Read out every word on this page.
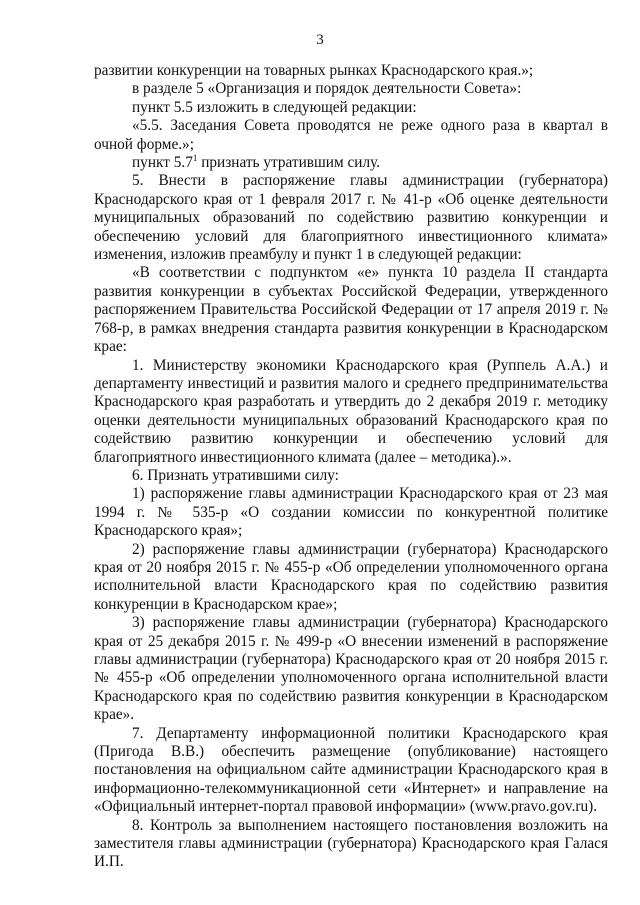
3

развитии конкуренции на товарных рынках Краснодарского края.»;

в разделе 5 «Организация и порядок деятельности Совета»:

пункт 5.5 изложить в следующей редакции:

«5.5. Заседания Совета проводятся не реже одного раза в квартал в очной форме.»;

пункт $5.7^1$ признать утратившим силу.

5. Внести в распоряжение главы администрации (губернатора) Краснодарского края от 1 февраля 2017 г. № 41-р «Об оценке деятельности муниципальных образований по содействию развитию конкуренции и обеспечению условий для благоприятного инвестиционного климата» изменения, изложив преамбулу и пункт 1 в следующей редакции:

«В соответствии с подпунктом «е» пункта 10 раздела II стандарта развития конкуренции в субъектах Российской Федерации, утвержденного распоряжением Правительства Российской Федерации от 17 апреля 2019 г. № 768-р, в рамках внедрения стандарта развития конкуренции в Краснодарском крае:

1. Министерству экономики Краснодарского края (Руппель А.А.) и департаменту инвестиций и развития малого и среднего предпринимательства Краснодарского края разработать и утвердить до 2 декабря 2019 г. методику оценки деятельности муниципальных образований Краснодарского края по содействию развитию конкуренции и обеспечению условий для благоприятного инвестиционного климата (далее – методика).».

6. Признать утратившими силу:

1) распоряжение главы администрации Краснодарского края от 23 мая 1994 г. № 535-р «О создании комиссии по конкурентной политике Краснодарского края»;

2) распоряжение главы администрации (губернатора) Краснодарского края от 20 ноября 2015 г. № 455-р «Об определении уполномоченного органа исполнительной власти Краснодарского края по содействию развития конкуренции в Краснодарском крае»;

3) распоряжение главы администрации (губернатора) Краснодарского края от 25 декабря 2015 г. № 499-р «О внесении изменений в распоряжение главы администрации (губернатора) Краснодарского края от 20 ноября 2015 г. № 455-р «Об определении уполномоченного органа исполнительной власти Краснодарского края по содействию развития конкуренции в Краснодарском крае».

7. Департаменту информационной политики Краснодарского края (Пригода В.В.) обеспечить размещение (опубликование) настоящего постановления на официальном сайте администрации Краснодарского края в информационно-телекоммуникационной сети «Интернет» и направление на «Официальный интернет-портал правовой информации» (www.pravo.gov.ru).

8. Контроль за выполнением настоящего постановления возложить на заместителя главы администрации (губернатора) Краснодарского края Галася И.П.
